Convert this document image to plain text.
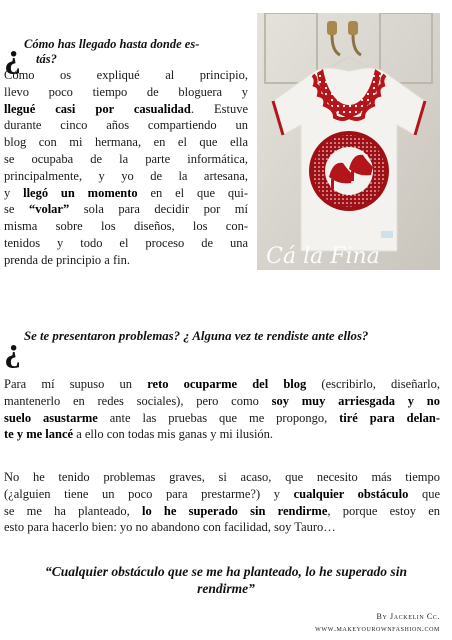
¿ Cómo has llegado hasta donde es-
tás?
Cómo os expliqué al principio,
llevo poco tiempo de bloguera y
llegué casi por casualidad. Estuve
durante cinco años compartiendo un
blog con mi hermana, en el que ella
se ocupaba de la parte informática,
principalmente, y yo de la artesana,
y llegó un momento en el que qui-
se “volar” sola para decidir por mí
misma sobre los diseños, los con-
tenidos y todo el proceso de una
prenda de principio a fin.	Cá la Fina
¿ Se te presentaron problemas? ¿ Alguna vez te rendiste ante ellos?
Para mí supuso un reto ocuparme del blog (escribirlo, diseñarlo,
mantenerlo en redes sociales), pero como soy muy arriesgada y no
suelo asustarme ante las pruebas que me propongo, tiré para delan-
te y me lancé a ello con todas mis ganas y mi ilusión.
No he tenido problemas graves, si acaso, que necesito más tiempo
(¿alguien tiene un poco para prestarme?) y cualquier obstáculo que
se me ha planteado, lo he superado sin rendirme, porque estoy en
esto para hacerlo bien: yo no abandono con facilidad, soy Tauro…
“Cualquier obstáculo que se me ha planteado, lo he superado sin
rendirme”
By Jackelin Cc.
www.makeyourownfashion.com
